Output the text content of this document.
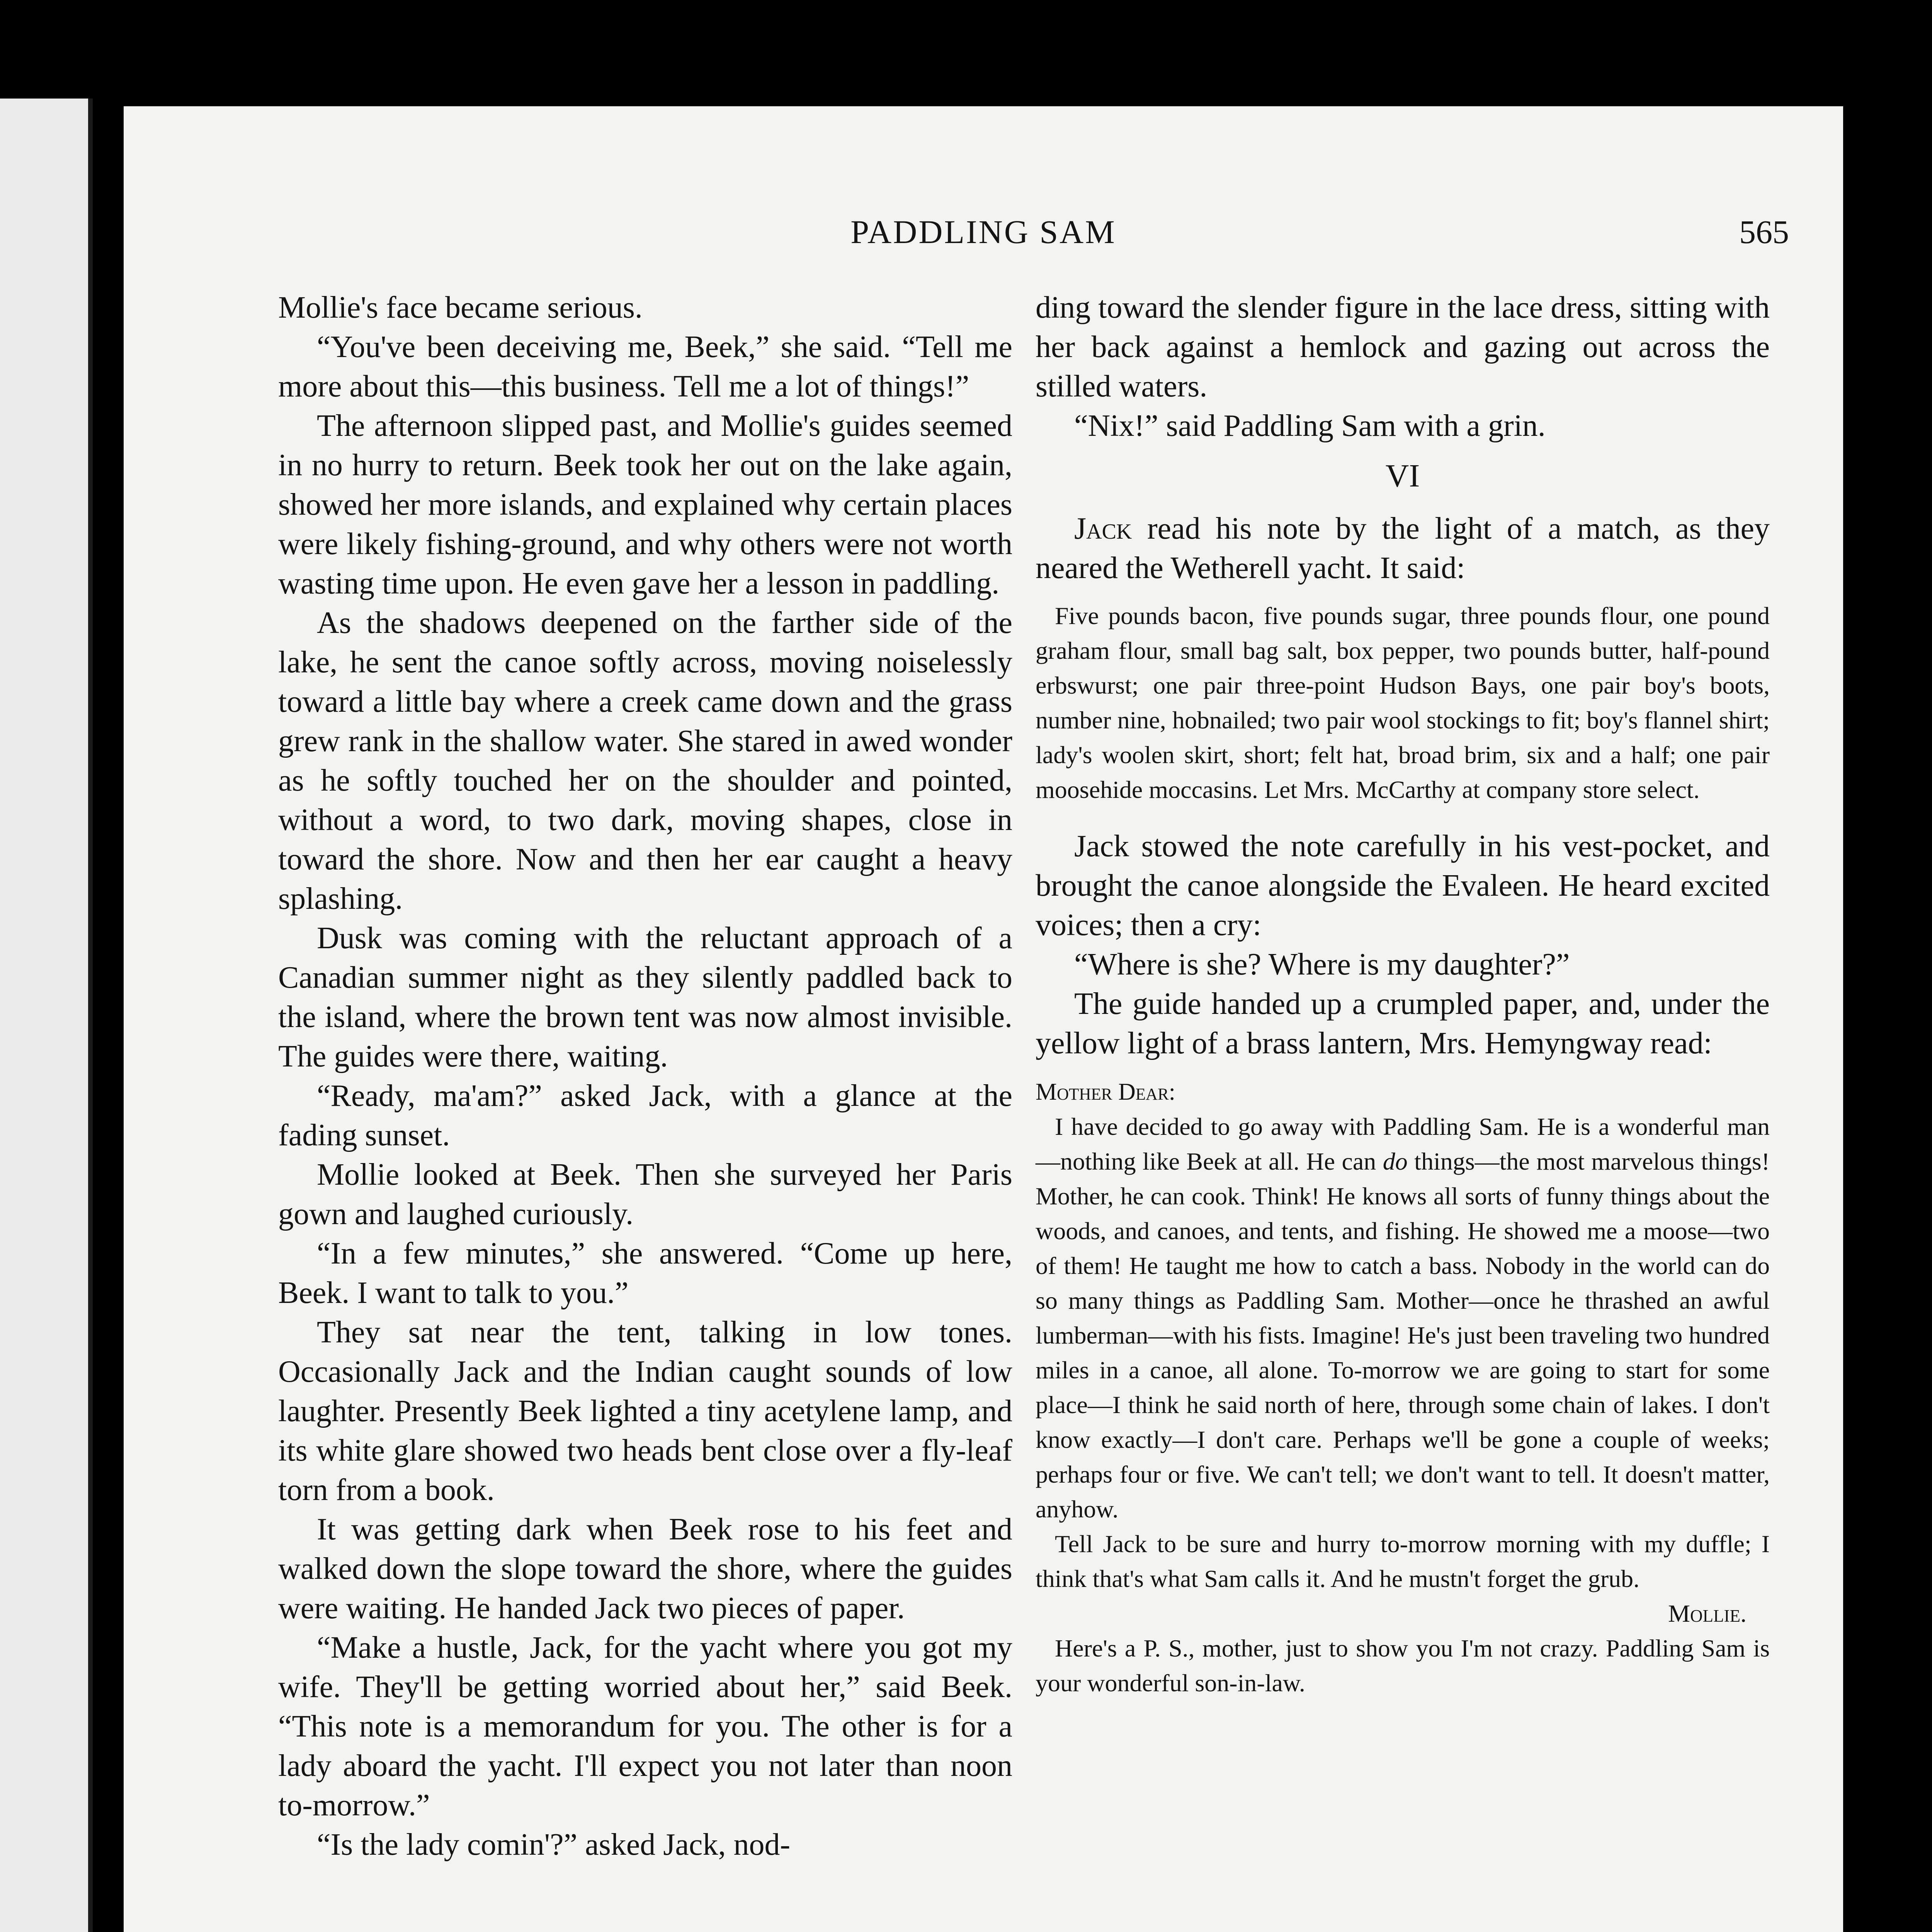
PADDLING SAM	565

Mollie's face became serious.

“You've been deceiving me, Beek,” she said. “Tell me more about this—this business. Tell me a lot of things!”

The afternoon slipped past, and Mollie's guides seemed in no hurry to return. Beek took her out on the lake again, showed her more islands, and explained why certain places were likely fishing-ground, and why others were not worth wasting time upon. He even gave her a lesson in paddling.

As the shadows deepened on the farther side of the lake, he sent the canoe softly across, moving noiselessly toward a little bay where a creek came down and the grass grew rank in the shallow water. She stared in awed wonder as he softly touched her on the shoulder and pointed, without a word, to two dark, moving shapes, close in toward the shore. Now and then her ear caught a heavy splashing.

Dusk was coming with the reluctant approach of a Canadian summer night as they silently paddled back to the island, where the brown tent was now almost invisible. The guides were there, waiting.

“Ready, ma'am?” asked Jack, with a glance at the fading sunset.

Mollie looked at Beek. Then she surveyed her Paris gown and laughed curiously.

“In a few minutes,” she answered. “Come up here, Beek. I want to talk to you.”

They sat near the tent, talking in low tones. Occasionally Jack and the Indian caught sounds of low laughter. Presently Beek lighted a tiny acetylene lamp, and its white glare showed two heads bent close over a fly-leaf torn from a book.

It was getting dark when Beek rose to his feet and walked down the slope toward the shore, where the guides were waiting. He handed Jack two pieces of paper.

“Make a hustle, Jack, for the yacht where you got my wife. They'll be getting worried about her,” said Beek. “This note is a memorandum for you. The other is for a lady aboard the yacht. I'll expect you not later than noon to-morrow.”

“Is the lady comin'?” asked Jack, nod-

ding toward the slender figure in the lace dress, sitting with her back against a hemlock and gazing out across the stilled waters.

“Nix!” said Paddling Sam with a grin.

VI

Jack read his note by the light of a match, as they neared the Wetherell yacht. It said:

Five pounds bacon, five pounds sugar, three pounds flour, one pound graham flour, small bag salt, box pepper, two pounds butter, half-pound erbswurst; one pair three-point Hudson Bays, one pair boy's boots, number nine, hobnailed; two pair wool stockings to fit; boy's flannel shirt; lady's woolen skirt, short; felt hat, broad brim, six and a half; one pair moosehide moccasins. Let Mrs. McCarthy at company store select.

Jack stowed the note carefully in his vest-pocket, and brought the canoe alongside the Evaleen. He heard excited voices; then a cry:

“Where is she? Where is my daughter?”

The guide handed up a crumpled paper, and, under the yellow light of a brass lantern, Mrs. Hemyngway read:

Mother Dear:

I have decided to go away with Paddling Sam. He is a wonderful man—nothing like Beek at all. He can do things—the most marvelous things! Mother, he can cook. Think! He knows all sorts of funny things about the woods, and canoes, and tents, and fishing. He showed me a moose—two of them! He taught me how to catch a bass. Nobody in the world can do so many things as Paddling Sam. Mother—once he thrashed an awful lumberman—with his fists. Imagine! He's just been traveling two hundred miles in a canoe, all alone. To-morrow we are going to start for some place—I think he said north of here, through some chain of lakes. I don't know exactly—I don't care. Perhaps we'll be gone a couple of weeks; perhaps four or five. We can't tell; we don't want to tell. It doesn't matter, anyhow.

Tell Jack to be sure and hurry to-morrow morning with my duffle; I think that's what Sam calls it. And he mustn't forget the grub.

Mollie.

Here's a P. S., mother, just to show you I'm not crazy. Paddling Sam is your wonderful son-in-law.
